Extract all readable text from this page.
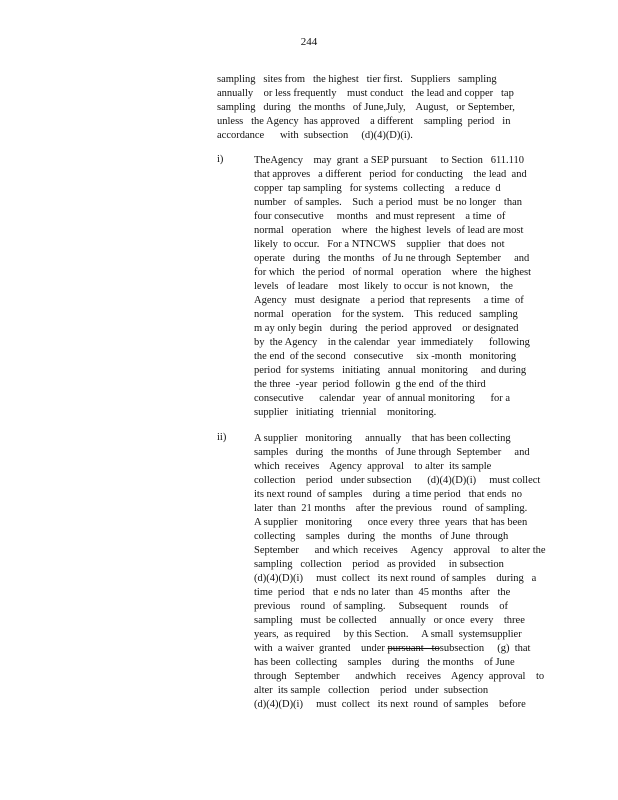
244
sampling   sites from   the highest   tier first.   Suppliers   sampling
annually    or less frequently    must conduct   the lead and copper   tap
sampling   during   the months   of June,July,    August,   or September,
unless   the Agency  has approved    a different    sampling  period   in
accordance      with  subsection     (d)(4)(D)(i).
i)	TheAgency    may  grant  a SEP pursuant     to Section   611.110
that approves   a different   period  for conducting    the lead  and
copper  tap sampling   for systems  collecting    a reduce  d
number   of samples.    Such  a period  must  be no longer   than
four consecutive     months   and must represent    a time  of
normal   operation    where   the highest  levels  of lead are most
likely  to occur.   For a NTNCWS    supplier   that does  not
operate   during   the months   of Ju ne through  September     and
for which   the period   of normal   operation    where   the highest
levels   of leadare    most  likely  to occur  is not known,    the
Agency   must  designate    a period  that represents     a time  of
normal   operation    for the system.    This  reduced   sampling
m ay only begin   during   the period  approved    or designated
by  the Agency    in the calendar   year  immediately      following
the end  of the second   consecutive     six -month   monitoring
period  for systems   initiating   annual  monitoring     and during
the three  -year  period  followin  g the end  of the third
consecutive      calendar   year  of annual monitoring      for a
supplier   initiating   triennial    monitoring.
ii)	A supplier   monitoring     annually    that has been collecting
samples   during   the months   of June through  September     and
which  receives    Agency  approval    to alter  its sample
collection    period   under subsection      (d)(4)(D)(i)     must collect
its next round  of samples    during  a time period   that ends  no
later  than  21 months    after  the previous    round   of sampling.
A supplier   monitoring      once every  three  years  that has been
collecting    samples   during   the  months   of June  through
September      and which  receives     Agency    approval    to alter the
sampling   collection    period   as provided     in subsection
(d)(4)(D)(i)     must  collect   its next round  of samples    during   a
time  period   that  e nds no later  than  45 months   after   the
previous    round   of sampling.     Subsequent     rounds    of
sampling   must  be collected     annually   or once  every    three
years,  as required     by this Section.     A small  systemsupplier
with  a waiver  granted    under pursuant   tosubsection     (g)  that
has been  collecting    samples    during   the months    of June
through   September      andwhich    receives    Agency  approval    to
alter  its sample   collection    period   under  subsection
(d)(4)(D)(i)     must  collect   its next  round  of samples    before
